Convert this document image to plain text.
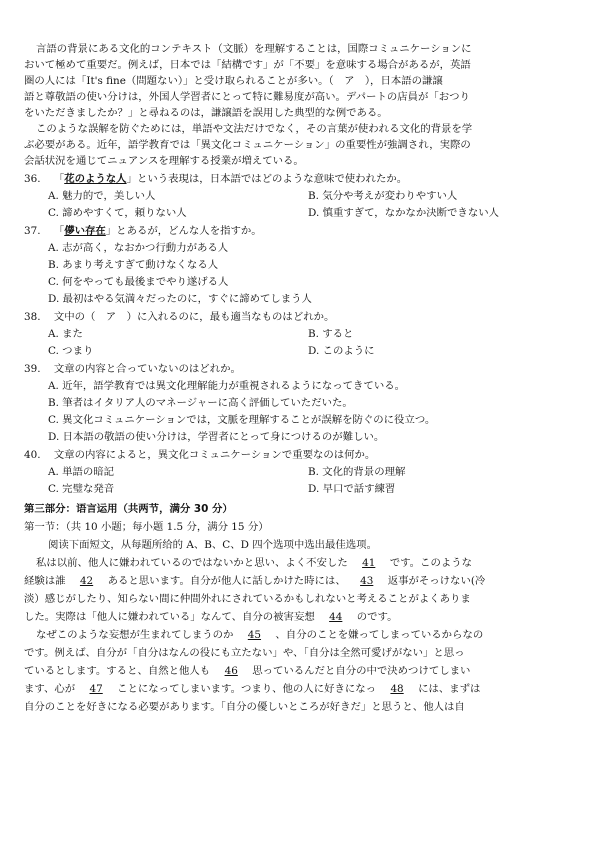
言語の背景にある文化的コンテキスト（文脈）を理解することは，国際コミュニケーションに
おいて極めて重要だ。例えば，日本では「結構です」が「不要」を意味する場合があるが，英語
圏の人には「It's fine（問題ない）」と受け取られることが多い。（　ア　），日本語の謙譲
語と尊敬語の使い分けは，外国人学習者にとって特に難易度が高い。デパートの店員が「おつり
をいただきましたか？」と尋ねるのは，謙譲語を誤用した典型的な例である。
このような誤解を防ぐためには，単語や文法だけでなく，その言葉が使われる文化的背景を学
ぶ必要がある。近年，語学教育では「異文化コミュニケーション」の重要性が強調され，実際の
会話状況を通じてニュアンスを理解する授業が増えている。
36. 「花のような人」という表現は，日本語ではどのような意味で使われたか。
A. 魅力的で，美しい人	B. 気分や考えが変わりやすい人
C. 諦めやすくて，頼りない人	D. 慎重すぎて，なかなか決断できない人
37. 「儚い存在」とあるが，どんな人を指すか。
A. 志が高く，なおかつ行動力がある人
B. あまり考えすぎて動けなくなる人
C. 何をやっても最後までやり遂げる人
D. 最初はやる気満々だったのに，すぐに諦めてしまう人
38. 文中の（　ア　）に入れるのに，最も適当なものはどれか。
A. また	B. すると
C. つまり	D. このように
39. 文章の内容と合っていないのはどれか。
A. 近年，語学教育では異文化理解能力が重視されるようになってきている。
B. 筆者はイタリア人のマネージャーに高く評価していただいた。
C. 異文化コミュニケーションでは，文脈を理解することが誤解を防ぐのに役立つ。
D. 日本語の敬語の使い分けは，学習者にとって身につけるのが難しい。
40. 文章の内容によると，異文化コミュニケーションで重要なのは何か。
A. 単語の暗記	B. 文化的背景の理解
C. 完璧な発音	D. 早口で話す練習
第三部分：语言运用（共两节，满分 30 分）
第一节：（共 10 小题；每小题 1.5 分，满分 15 分）
阅读下面短文，从每题所给的 A、B、C、D 四个选项中选出最佳选项。
私は以前、他人に嫌われているのではないかと思い、よく不安した 41 です。このような
経験は誰 42 あると思います。自分が他人に話しかけた時には、 43 返事がそっけない(冷
淡）感じがしたり、知らない間に仲間外れにされているかもしれないと考えることがよくありま
した。実際は「他人に嫌われている」なんて、自分の被害妄想 44 のです。
なぜこのような妄想が生まれてしまうのか 45 、自分のことを嫌ってしまっているからなの
です。例えば、自分が「自分はなんの役にも立たない」や、「自分は全然可愛げがない」と思っ
ているとします。すると、自然と他人も 46 思っているんだと自分の中で決めつけてしまい
ます、心が 47 ことになってしまいます。つまり、他の人に好きになっ 48 には、まずは
自分のことを好きになる必要があります。「自分の優しいところが好きだ」と思うと、他人は自
